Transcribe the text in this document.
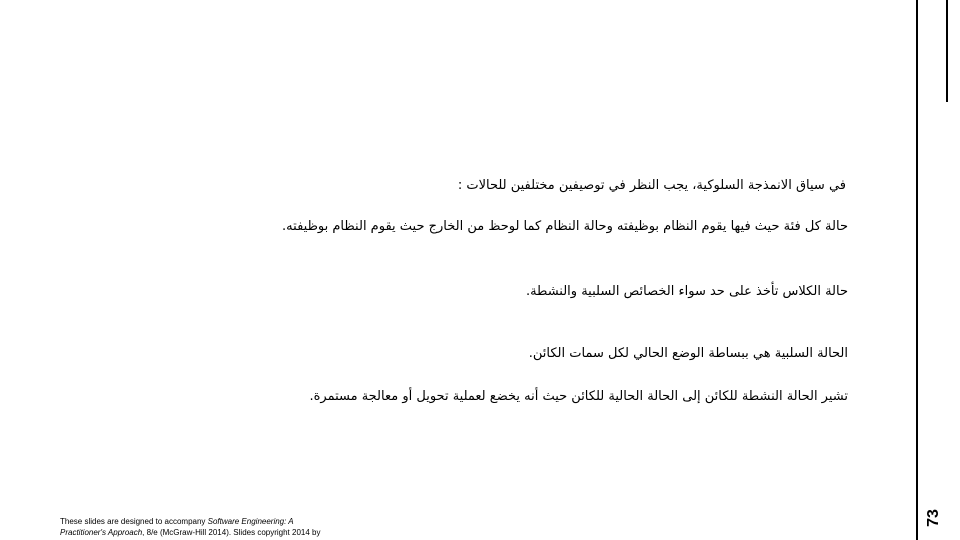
73
في سياق الانمذجة السلوكية، يجب النظر في توصيفين مختلفين للحالات :
حالة كل فئة حيث فيها يقوم النظام بوظيفته وحالة النظام كما لوحظ من الخارج حيث يقوم النظام بوظيفته.
حالة الكلاس تأخذ على حد سواء الخصائص السلبية والنشطة.
الحالة السلبية هي ببساطة الوضع الحالي لكل سمات الكائن.
تشير الحالة النشطة للكائن إلى الحالة الحالية للكائن حيث أنه يخضع لعملية تحويل أو معالجة مستمرة.
These slides are designed to accompany Software Engineering: A
Practitioner's Approach, 8/e (McGraw-Hill 2014). Slides copyright 2014 by
